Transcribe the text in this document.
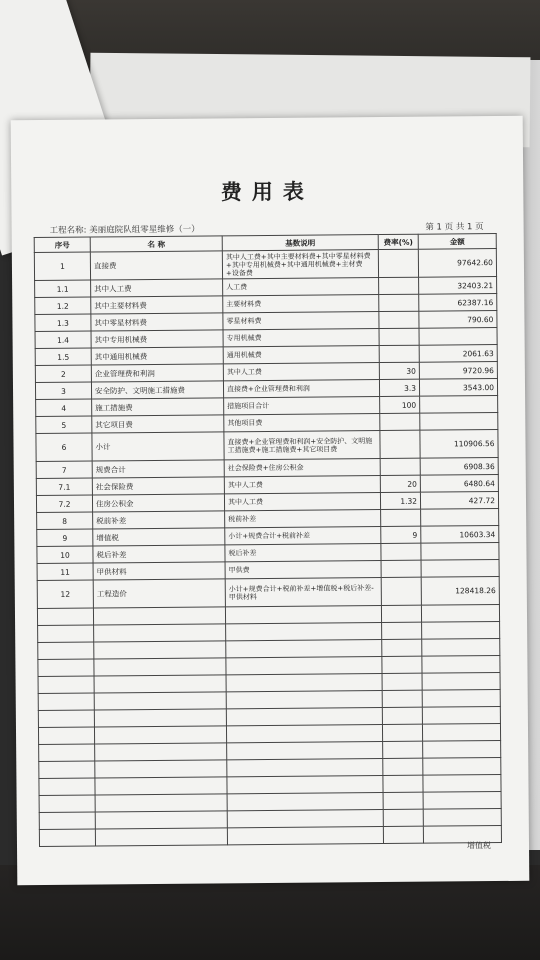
费用表
工程名称: 美丽庭院队组零星维修（一）	第 1 页 共 1 页
序号	名 称	基数说明	费率(%)	金额
1	直接费	其中人工费+其中主要材料费+其中零星材料费+其中专用机械费+其中通用机械费+主材费+设备费		97642.60
1.1	其中人工费	人工费		32403.21
1.2	其中主要材料费	主要材料费		62387.16
1.3	其中零星材料费	零星材料费		790.60
1.4	其中专用机械费	专用机械费		
1.5	其中通用机械费	通用机械费		2061.63
2	企业管理费和利润	其中人工费	30	9720.96
3	安全防护、文明施工措施费	直接费+企业管理费和利润	3.3	3543.00
4	施工措施费	措施项目合计	100	
5	其它项目费	其他项目费		
6	小计	直接费+企业管理费和利润+安全防护、文明施工措施费+施工措施费+其它项目费		110906.56
7	规费合计	社会保险费+住房公积金		6908.36
7.1	社会保险费	其中人工费	20	6480.64
7.2	住房公积金	其中人工费	1.32	427.72
8	税前补差	税前补差		
9	增值税	小计+规费合计+税前补差	9	10603.34
10	税后补差	税后补差		
11	甲供材料	甲供费		
12	工程造价	小计+规费合计+税前补差+增值税+税后补差-甲供材料		128418.26

增值税
